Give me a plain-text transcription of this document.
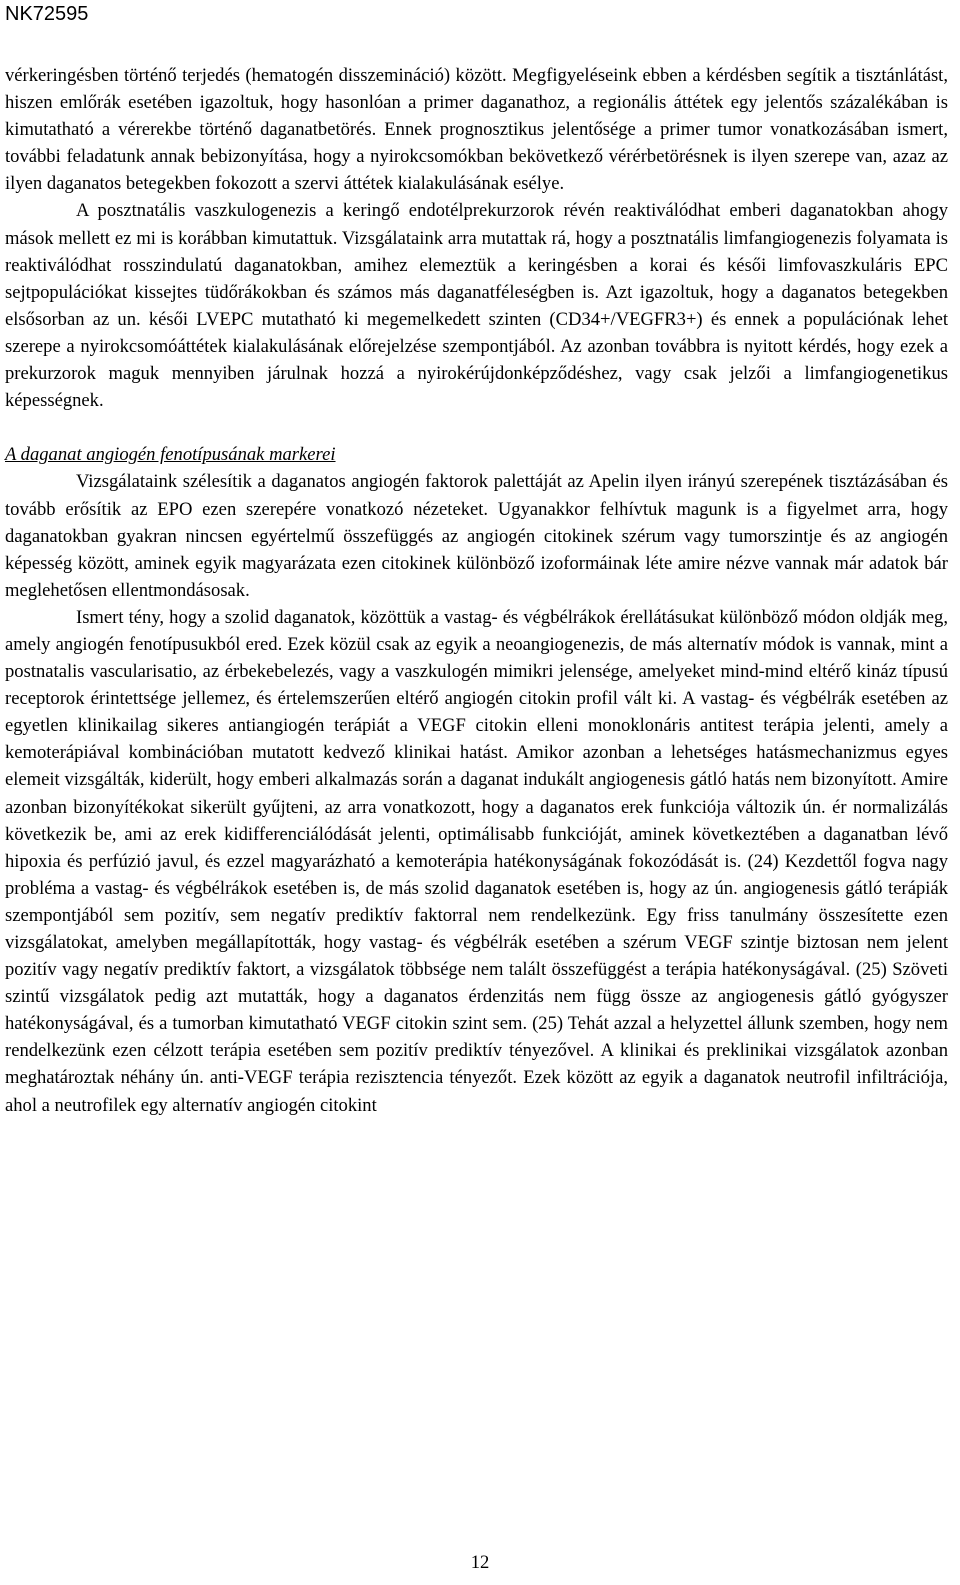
NK72595

vérkeringésben történő terjedés (hematogén disszemináció) között. Megfigyeléseink ebben a kérdésben segítik a tisztánlátást, hiszen emlőrák esetében igazoltuk, hogy hasonlóan a primer daganathoz, a regionális áttétek egy jelentős százalékában is kimutatható a vérerekbe történő daganatbetörés. Ennek prognosztikus jelentősége a primer tumor vonatkozásában ismert, további feladatunk annak bebizonyítása, hogy a nyirokcsomókban bekövetkező vérérbetörésnek is ilyen szerepe van, azaz az ilyen daganatos betegekben fokozott a szervi áttétek kialakulásának esélye.

A posztnatális vaszkulogenezis a keringő endotélprekurzorok révén reaktiválódhat emberi daganatokban ahogy mások mellett ez mi is korábban kimutattuk. Vizsgálataink arra mutattak rá, hogy a posztnatális limfangiogenezis folyamata is reaktiválódhat rosszindulatú daganatokban, amihez elemeztük a keringésben a korai és késői limfovaszkuláris EPC sejtpopulációkat kissejtes tüdőrákokban és számos más daganatféleségben is. Azt igazoltuk, hogy a daganatos betegekben elsősorban az un. késői LVEPC mutatható ki megemelkedett szinten (CD34+/VEGFR3+) és ennek a populációnak lehet szerepe a nyirokcsomóáttétek kialakulásának előrejelzése szempontjából. Az azonban továbbra is nyitott kérdés, hogy ezek a prekurzorok maguk mennyiben járulnak hozzá a nyirokérújdonképződéshez, vagy csak jelzői a limfangiogenetikus képességnek.

A daganat angiogén fenotípusának markerei

Vizsgálataink szélesítik a daganatos angiogén faktorok palettáját az Apelin ilyen irányú szerepének tisztázásában és tovább erősítik az EPO ezen szerepére vonatkozó nézeteket. Ugyanakkor felhívtuk magunk is a figyelmet arra, hogy daganatokban gyakran nincsen egyértelmű összefüggés az angiogén citokinek szérum vagy tumorszintje és az angiogén képesség között, aminek egyik magyarázata ezen citokinek különböző izoformáinak léte amire nézve vannak már adatok bár meglehetősen ellentmondásosak.

Ismert tény, hogy a szolid daganatok, közöttük a vastag- és végbélrákok érellátásukat különböző módon oldják meg, amely angiogén fenotípusukból ered. Ezek közül csak az egyik a neoangiogenezis, de más alternatív módok is vannak, mint a postnatalis vascularisatio, az érbekebelezés, vagy a vaszkulogén mimikri jelensége, amelyeket mind-mind eltérő kináz típusú receptorok érintettsége jellemez, és értelemszerűen eltérő angiogén citokin profil vált ki. A vastag- és végbélrák esetében az egyetlen klinikailag sikeres antiangiogén terápiát a VEGF citokin elleni monoklonáris antitest terápia jelenti, amely a kemoterápiával kombinációban mutatott kedvező klinikai hatást. Amikor azonban a lehetséges hatásmechanizmus egyes elemeit vizsgálták, kiderült, hogy emberi alkalmazás során a daganat indukált angiogenesis gátló hatás nem bizonyított. Amire azonban bizonyítékokat sikerült gyűjteni, az arra vonatkozott, hogy a daganatos erek funkciója változik ún. ér normalizálás következik be, ami az erek kidifferenciálódását jelenti, optimálisabb funkcióját, aminek következtében a daganatban lévő hipoxia és perfúzió javul, és ezzel magyarázható a kemoterápia hatékonyságának fokozódását is. (24) Kezdettől fogva nagy probléma a vastag- és végbélrákok esetében is, de más szolid daganatok esetében is, hogy az ún. angiogenesis gátló terápiák szempontjából sem pozitív, sem negatív prediktív faktorral nem rendelkezünk. Egy friss tanulmány összesítette ezen vizsgálatokat, amelyben megállapították, hogy vastag- és végbélrák esetében a szérum VEGF szintje biztosan nem jelent pozitív vagy negatív prediktív faktort, a vizsgálatok többsége nem talált összefüggést a terápia hatékonyságával. (25) Szöveti szintű vizsgálatok pedig azt mutatták, hogy a daganatos érdenzitás nem függ össze az angiogenesis gátló gyógyszer hatékonyságával, és a tumorban kimutatható VEGF citokin szint sem. (25) Tehát azzal a helyzettel állunk szemben, hogy nem rendelkezünk ezen célzott terápia esetében sem pozitív prediktív tényezővel. A klinikai és preklinikai vizsgálatok azonban meghatároztak néhány ún. anti-VEGF terápia rezisztencia tényezőt. Ezek között az egyik a daganatok neutrofil infiltrációja, ahol a neutrofilek egy alternatív angiogén citokint

12
